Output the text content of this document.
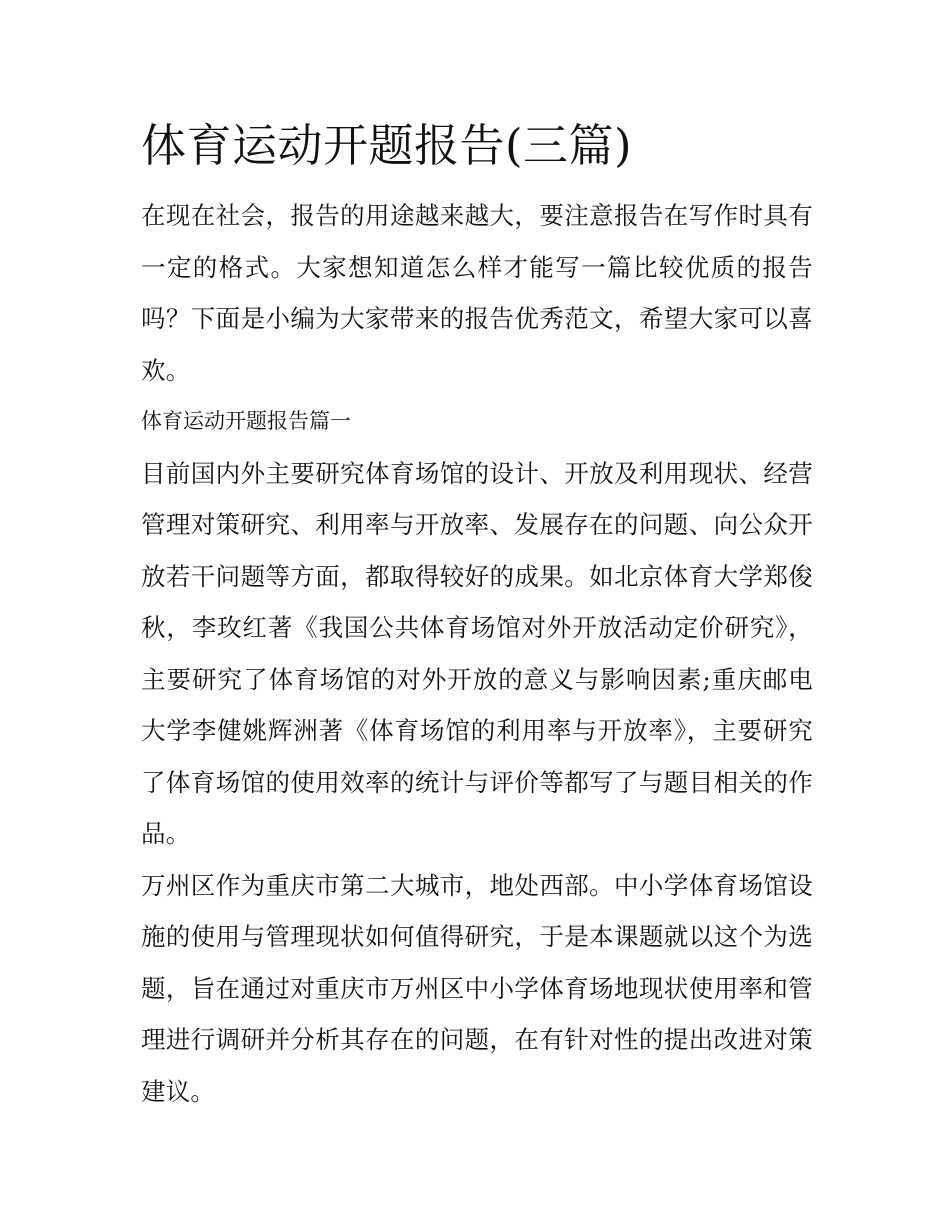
体育运动开题报告(三篇)

在现在社会，报告的用途越来越大，要注意报告在写作时具有一定的格式。大家想知道怎么样才能写一篇比较优质的报告吗？下面是小编为大家带来的报告优秀范文，希望大家可以喜欢。

体育运动开题报告篇一

目前国内外主要研究体育场馆的设计、开放及利用现状、经营管理对策研究、利用率与开放率、发展存在的问题、向公众开放若干问题等方面，都取得较好的成果。如北京体育大学郑俊秋，李玫红著《我国公共体育场馆对外开放活动定价研究》，主要研究了体育场馆的对外开放的意义与影响因素;重庆邮电大学李健姚辉洲著《体育场馆的利用率与开放率》，主要研究了体育场馆的使用效率的统计与评价等都写了与题目相关的作品。

万州区作为重庆市第二大城市，地处西部。中小学体育场馆设施的使用与管理现状如何值得研究，于是本课题就以这个为选题，旨在通过对重庆市万州区中小学体育场地现状使用率和管理进行调研并分析其存在的问题，在有针对性的提出改进对策建议。
